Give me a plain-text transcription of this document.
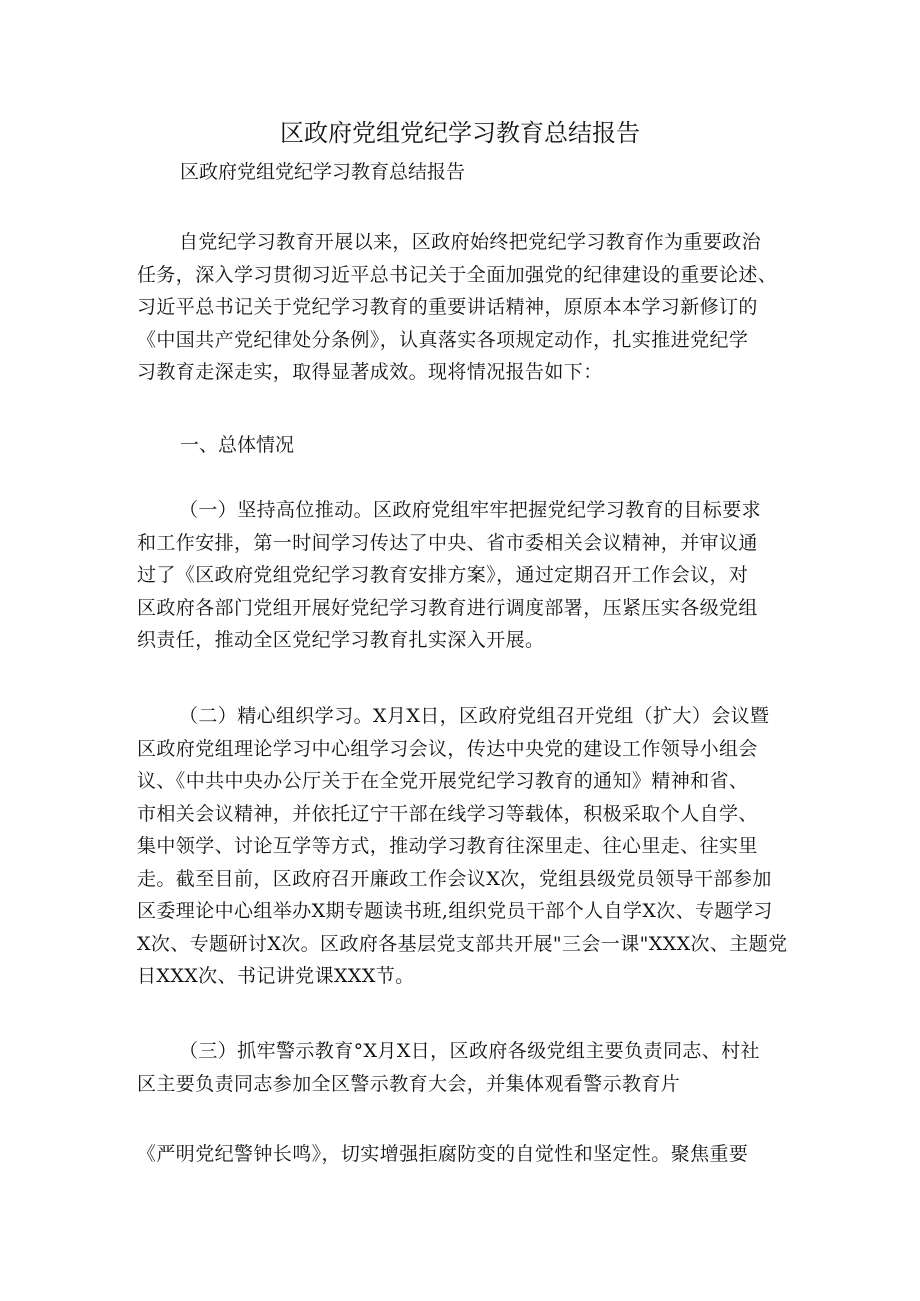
区政府党组党纪学习教育总结报告

区政府党组党纪学习教育总结报告

自党纪学习教育开展以来，区政府始终把党纪学习教育作为重要政治
任务，深入学习贯彻习近平总书记关于全面加强党的纪律建设的重要论述、
习近平总书记关于党纪学习教育的重要讲话精神，原原本本学习新修订的
《中国共产党纪律处分条例》，认真落实各项规定动作，扎实推进党纪学
习教育走深走实，取得显著成效。现将情况报告如下：

一、总体情况

（一）坚持高位推动。区政府党组牢牢把握党纪学习教育的目标要求
和工作安排，第一时间学习传达了中央、省市委相关会议精神，并审议通
过了《区政府党组党纪学习教育安排方案》，通过定期召开工作会议，对
区政府各部门党组开展好党纪学习教育进行调度部署，压紧压实各级党组
织责任，推动全区党纪学习教育扎实深入开展。

（二）精心组织学习。X月X日，区政府党组召开党组（扩大）会议暨
区政府党组理论学习中心组学习会议，传达中央党的建设工作领导小组会
议、《中共中央办公厅关于在全党开展党纪学习教育的通知》精神和省、
市相关会议精神，并依托辽宁干部在线学习等载体，积极采取个人自学、
集中领学、讨论互学等方式，推动学习教育往深里走、往心里走、往实里
走。截至目前，区政府召开廉政工作会议X次，党组县级党员领导干部参加
区委理论中心组举办X期专题读书班,组织党员干部个人自学X次、专题学习
X次、专题研讨X次。区政府各基层党支部共开展"三会一课"XXX次、主题党
日XXX次、书记讲党课XXX节。

（三）抓牢警示教育°X月X日，区政府各级党组主要负责同志、村社
区主要负责同志参加全区警示教育大会，并集体观看警示教育片

《严明党纪警钟长鸣》，切实增强拒腐防变的自觉性和坚定性。聚焦重要
